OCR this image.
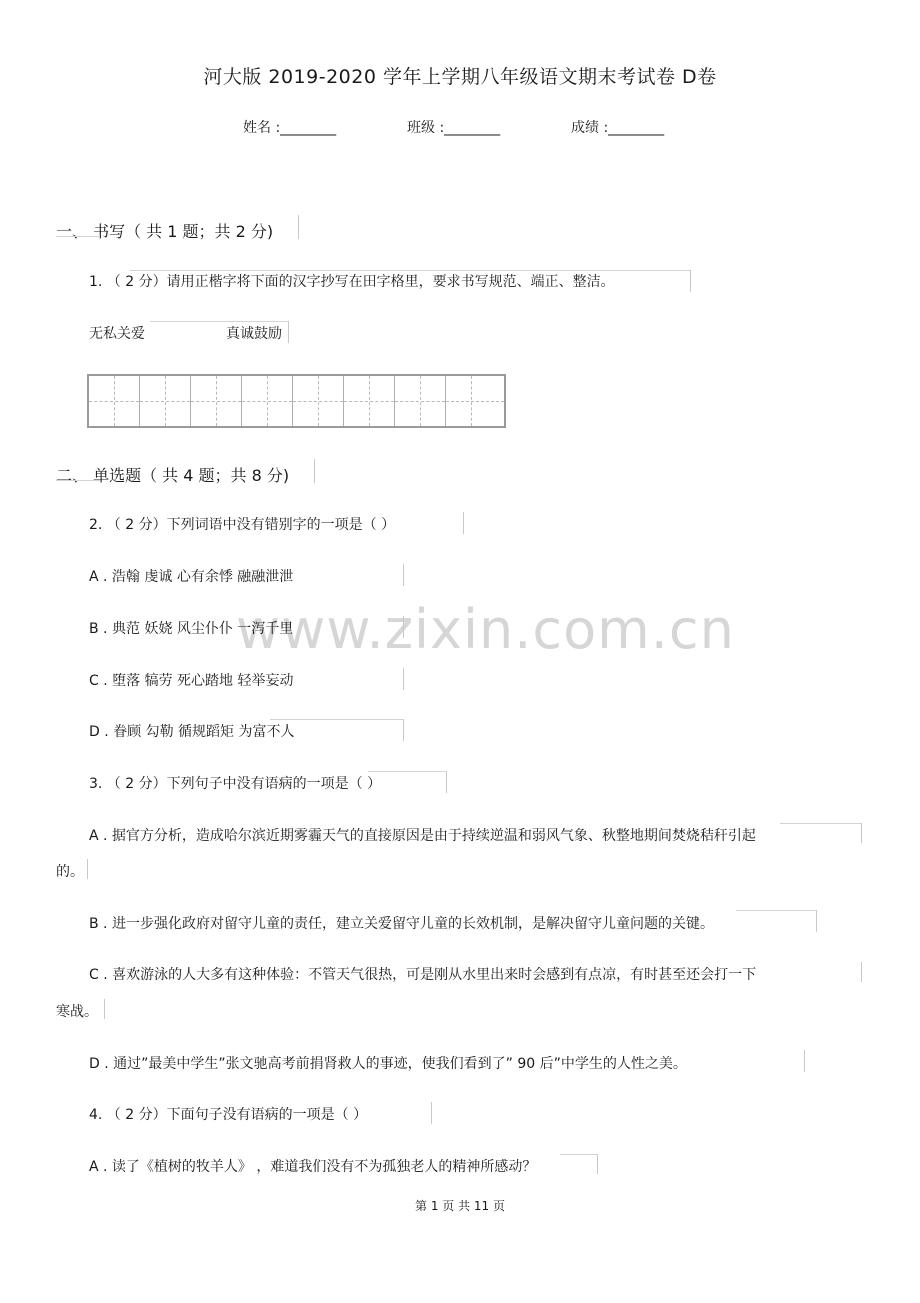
河大版 2019-2020 学年上学期八年级语文期末考试卷 D卷
姓名 :________	班级 :________	成绩 :________
www.zixin.com.cn
一、 书写（ 共 1 题；共 2 分)
1. （ 2 分）请用正楷字将下面的汉字抄写在田字格里，要求书写规范、端正、整洁。
无私关爱	真诚鼓励
二、 单选题（ 共 4 题；共 8 分)
2. （ 2 分）下列词语中没有错别字的一项是（ ）
A . 浩翰 虔诚 心有余悸 融融泄泄
B . 典范 妖娆 风尘仆仆 一泻千里
C . 堕落 犒劳 死心踏地 轻举妄动
D . 眷顾 勾勒 循规蹈矩 为富不人
3. （ 2 分）下列句子中没有语病的一项是（ ）
A . 据官方分析，造成哈尔滨近期雾霾天气的直接原因是由于持续逆温和弱风气象、秋整地期间焚烧秸秆引起
的。
B . 进一步强化政府对留守儿童的责任，建立关爱留守儿童的长效机制，是解决留守儿童问题的关键。
C . 喜欢游泳的人大多有这种体验：不管天气很热，可是刚从水里出来时会感到有点凉，有时甚至还会打一下
寒战。
D . 通过”最美中学生”张文驰高考前捐肾救人的事迹，使我们看到了” 90 后”中学生的人性之美。
4. （ 2 分）下面句子没有语病的一项是（ ）
A . 读了《植树的牧羊人》 ，难道我们没有不为孤独老人的精神所感动？
第 1 页 共 11 页
